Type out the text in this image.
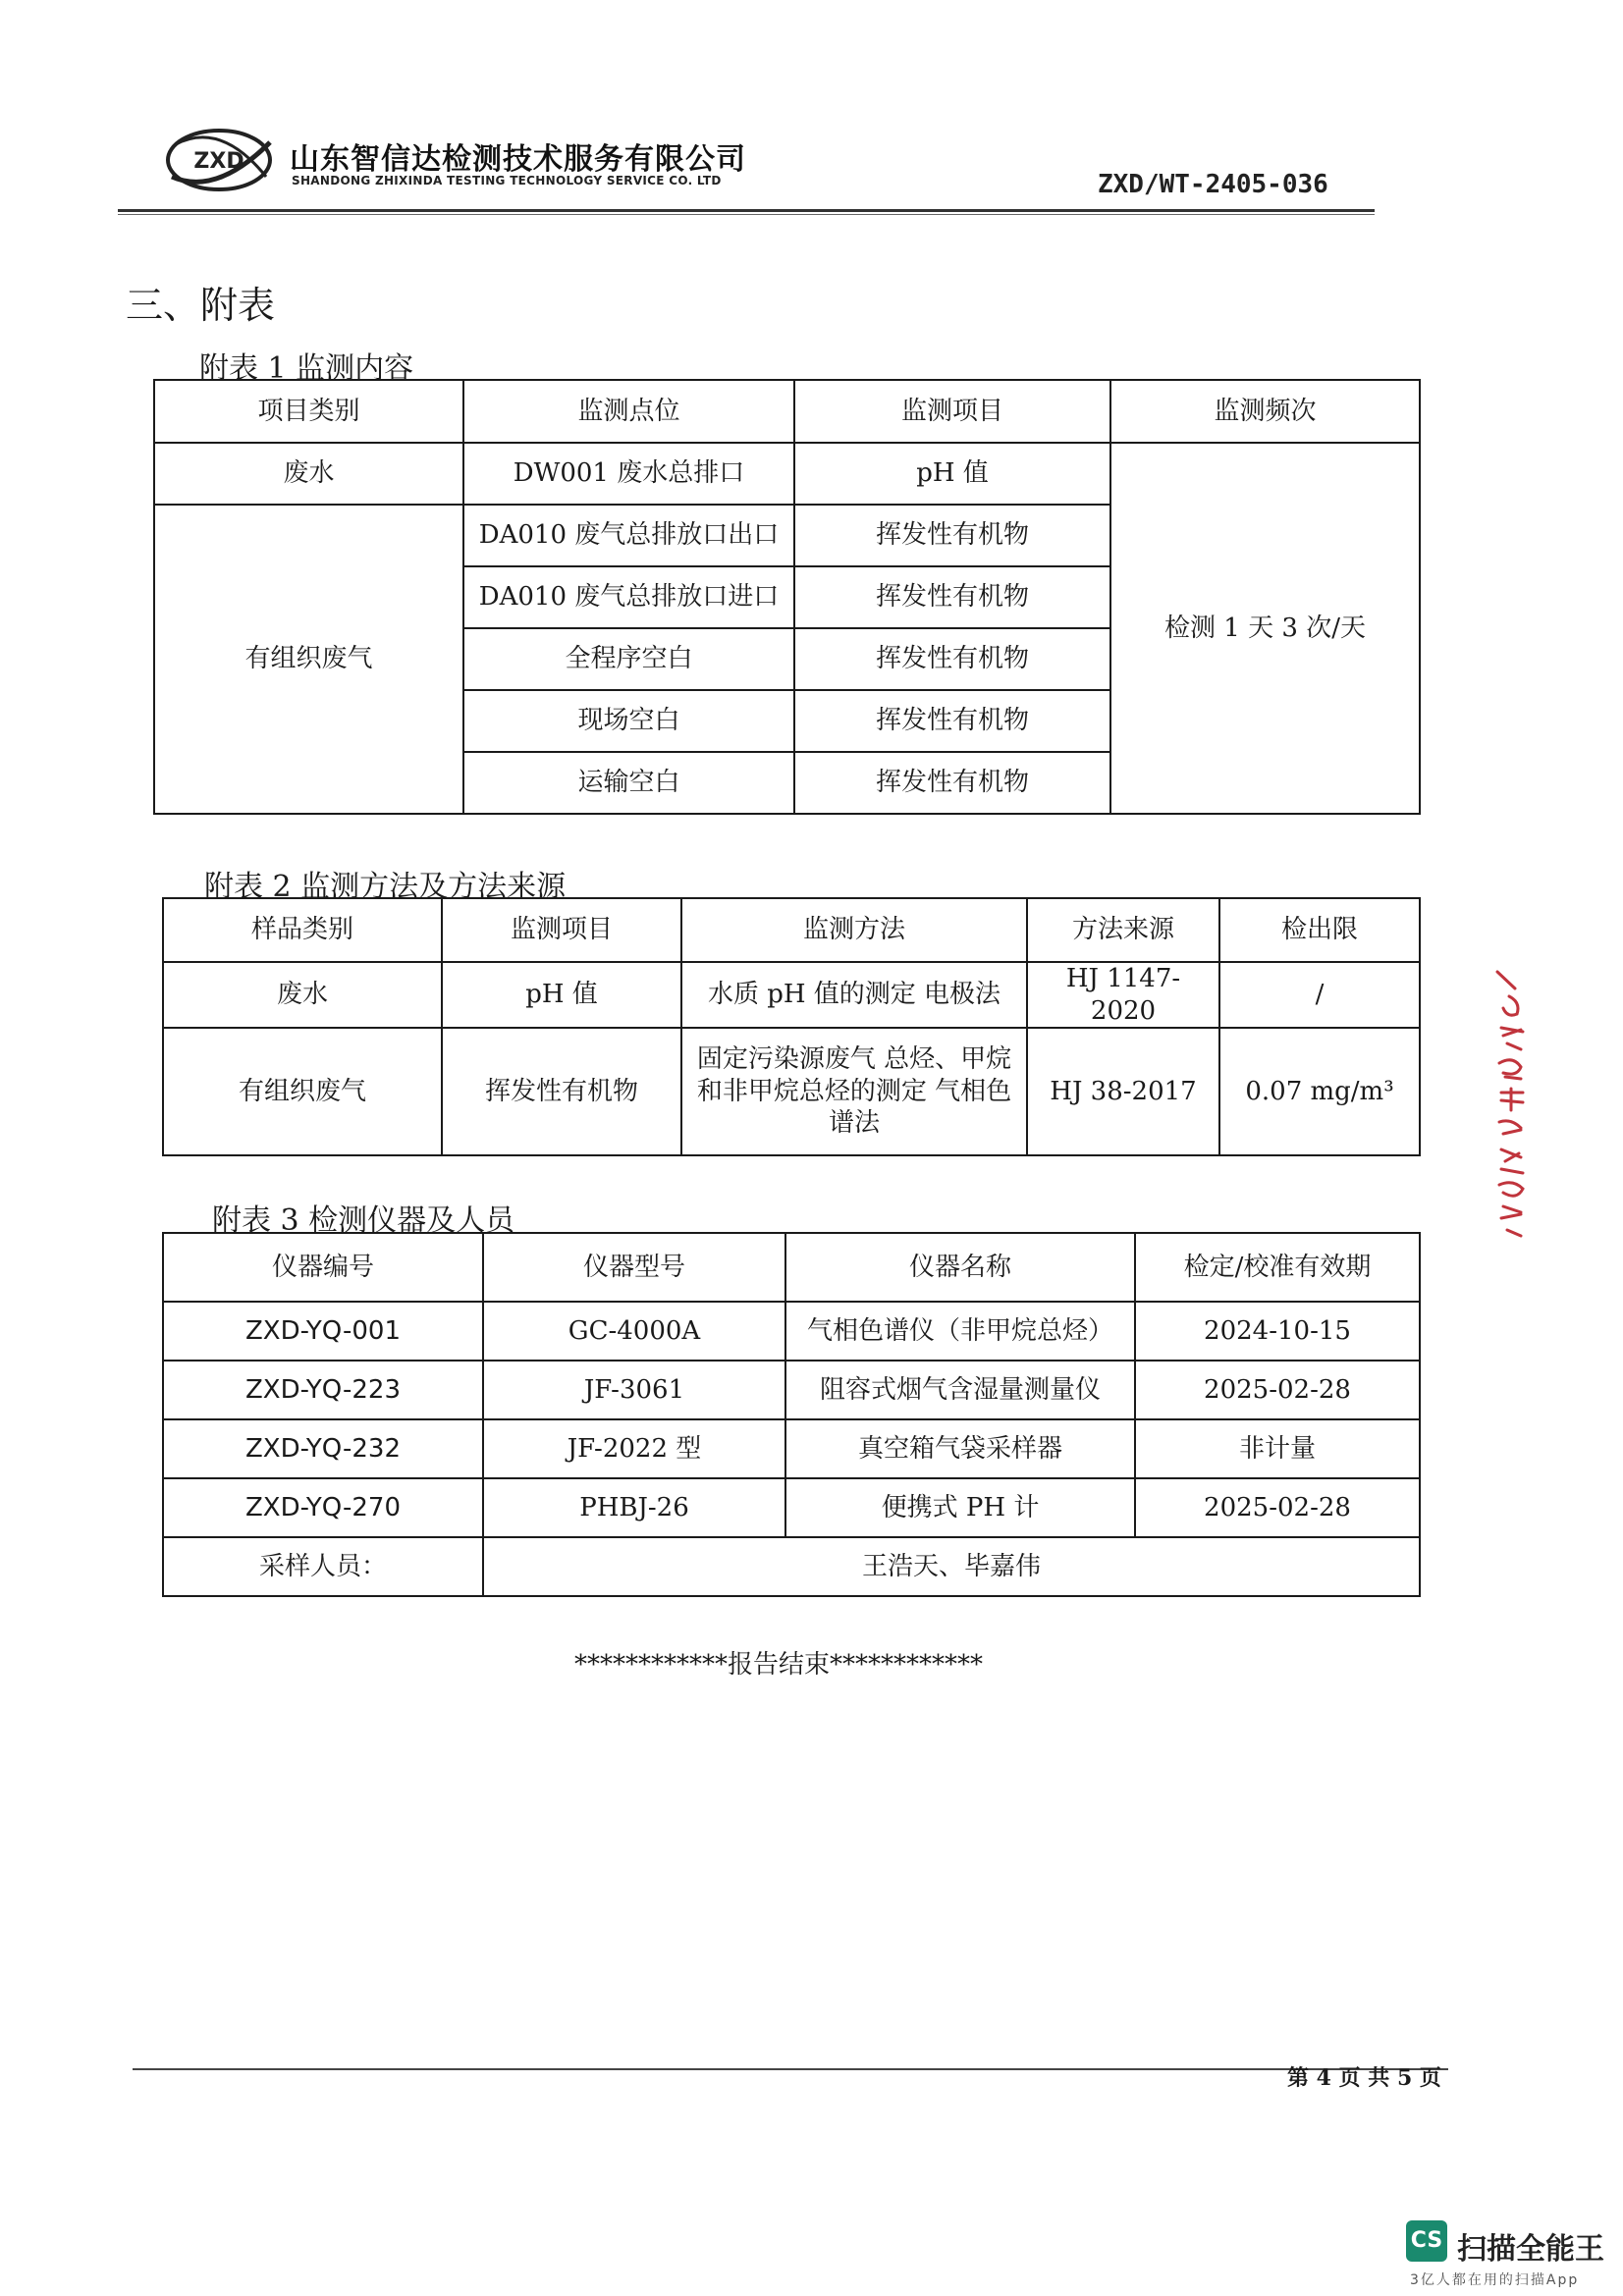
ZXD 山东智信达检测技术服务有限公司
SHANDONG ZHIXINDA TESTING TECHNOLOGY SERVICE CO. LTD	ZXD/WT-2405-036
三、附表
附表 1 监测内容
项目类别	监测点位	监测项目	监测频次
废水	DW001 废水总排口	pH 值	检测 1 天 3 次/天
有组织废气	DA010 废气总排放口出口	挥发性有机物	
	DA010 废气总排放口进口	挥发性有机物	
	全程序空白	挥发性有机物	
	现场空白	挥发性有机物	
	运输空白	挥发性有机物	
附表 2 监测方法及方法来源
样品类别	监测项目	监测方法	方法来源	检出限
废水	pH 值	水质 pH 值的测定 电极法	HJ 1147-2020	/
有组织废气	挥发性有机物	固定污染源废气 总烃、甲烷和非甲烷总烃的测定 气相色谱法	HJ 38-2017	0.07 mg/m³
附表 3 检测仪器及人员
仪器编号	仪器型号	仪器名称	检定/校准有效期
ZXD-YQ-001	GC-4000A	气相色谱仪（非甲烷总烃）	2024-10-15
ZXD-YQ-223	JF-3061	阻容式烟气含湿量测量仪	2025-02-28
ZXD-YQ-232	JF-2022 型	真空箱气袋采样器	非计量
ZXD-YQ-270	PHBJ-26	便携式 PH 计	2025-02-28
采样人员：	王浩天、毕嘉伟		
************报告结束************
第 4 页 共 5 页
CS 扫描全能王
3亿人都在用的扫描App
